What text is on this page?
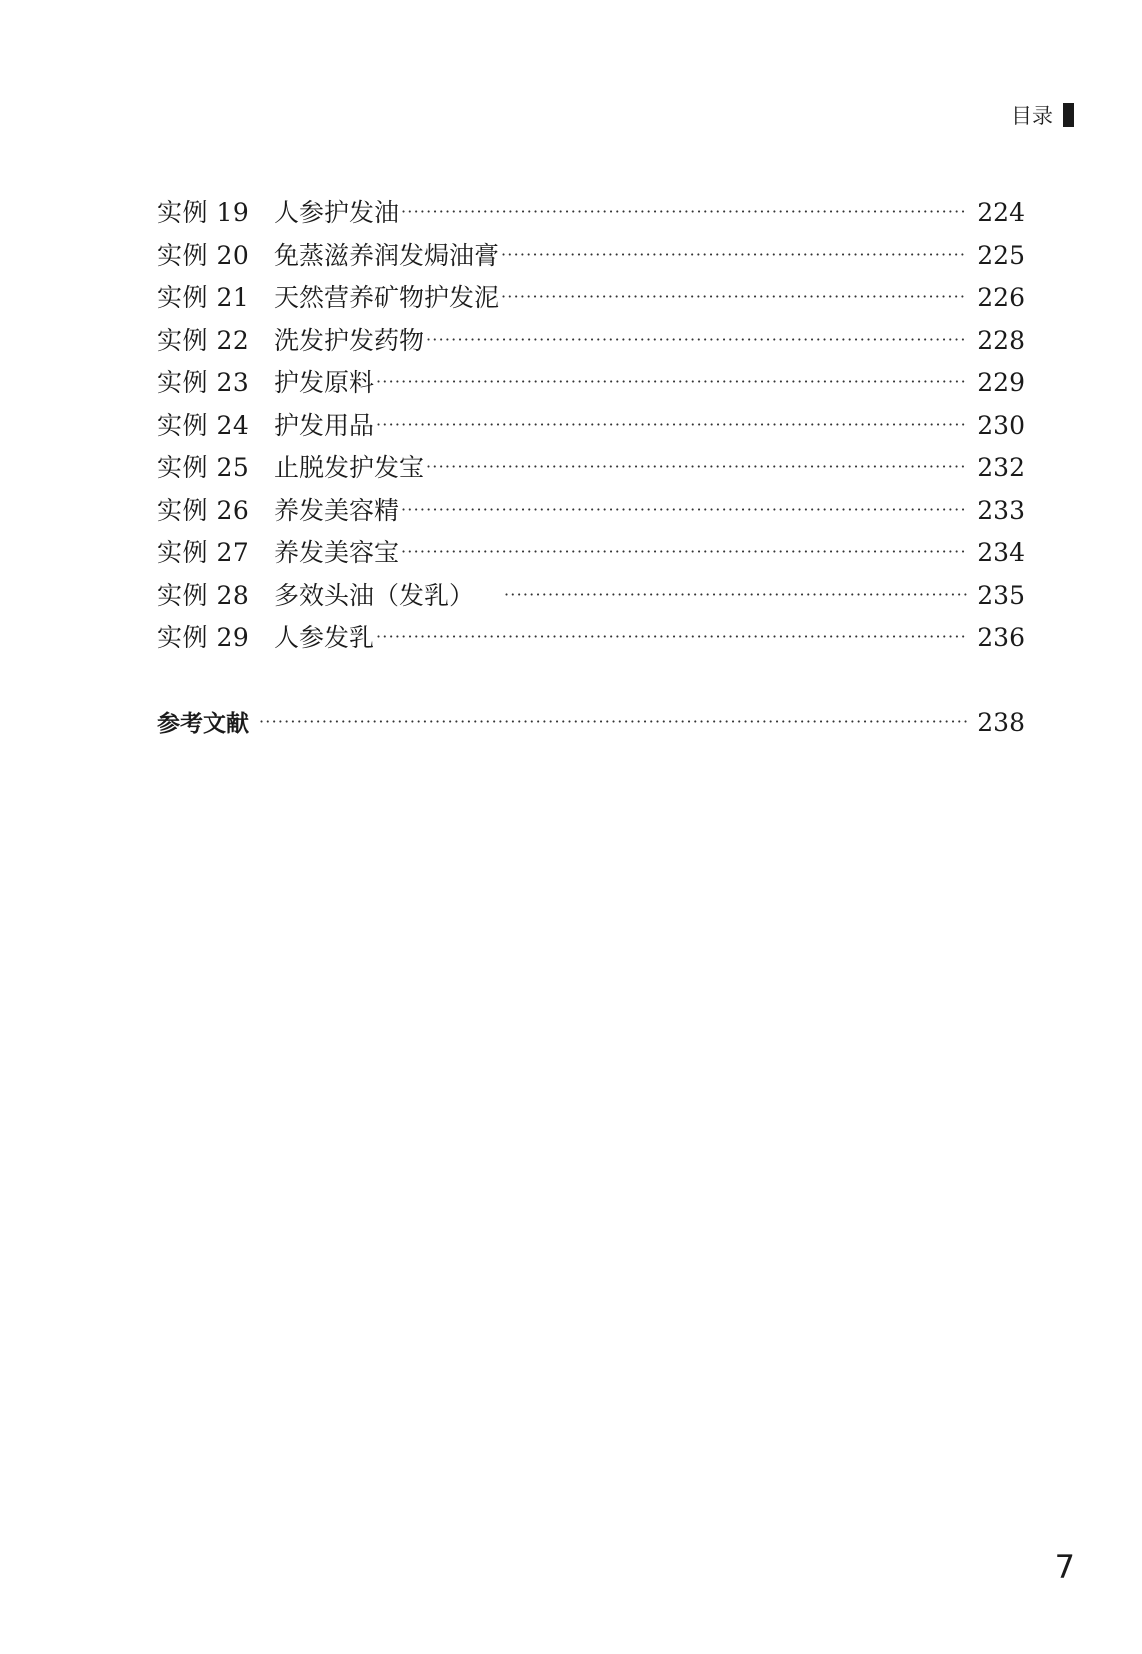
目录
实例 19 人参护发油 ·····	224
实例 20 免蒸滋养润发焗油膏 ·····	225
实例 21 天然营养矿物护发泥 ·····	226
实例 22 洗发护发药物 ·····	228
实例 23 护发原料 ·····	229
实例 24 护发用品 ·····	230
实例 25 止脱发护发宝 ·····	232
实例 26 养发美容精 ·····	233
实例 27 养发美容宝 ·····	234
实例 28 多效头油（发乳） ·····	235
实例 29 人参发乳 ·····	236
参考文献 ·····	238
7
